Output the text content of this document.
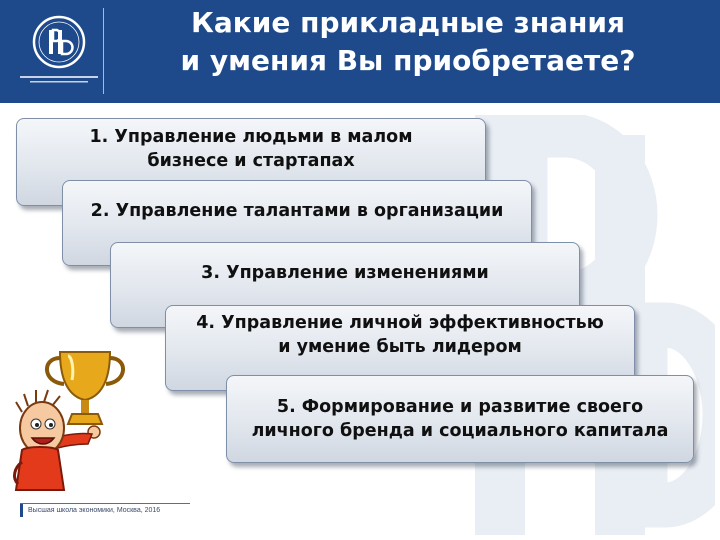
Какие прикладные знания
и умения Вы приобретаете?
1. Управление людьми в малом
бизнесе и стартапах
2. Управление талантами в организации
3. Управление изменениями
4. Управление личной эффективностью
и умение быть лидером
5. Формирование и развитие своего
личного бренда и социального капитала
Высшая школа экономики, Москва, 2016
